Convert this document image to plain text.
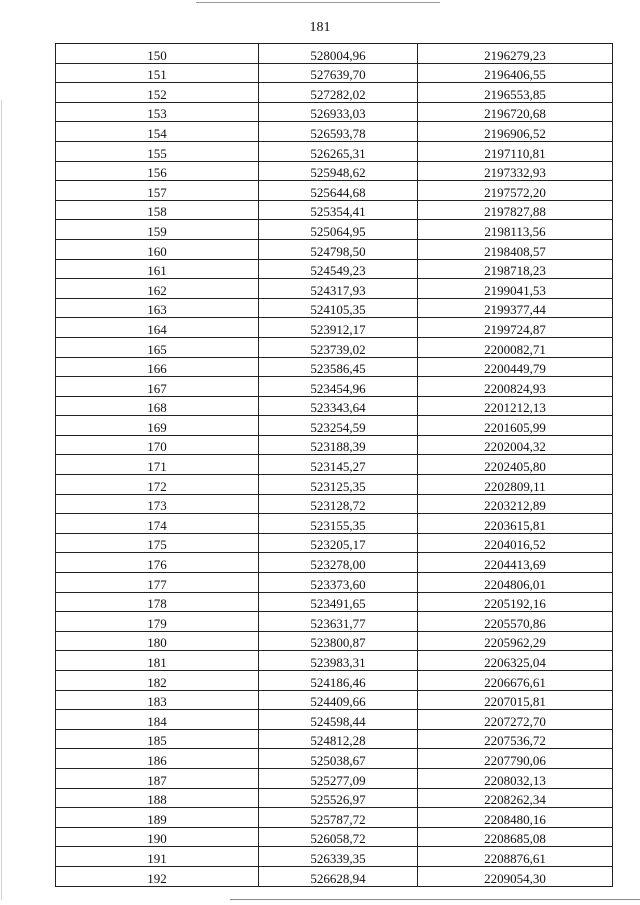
181
150	528004,96	2196279,23
151	527639,70	2196406,55
152	527282,02	2196553,85
153	526933,03	2196720,68
154	526593,78	2196906,52
155	526265,31	2197110,81
156	525948,62	2197332,93
157	525644,68	2197572,20
158	525354,41	2197827,88
159	525064,95	2198113,56
160	524798,50	2198408,57
161	524549,23	2198718,23
162	524317,93	2199041,53
163	524105,35	2199377,44
164	523912,17	2199724,87
165	523739,02	2200082,71
166	523586,45	2200449,79
167	523454,96	2200824,93
168	523343,64	2201212,13
169	523254,59	2201605,99
170	523188,39	2202004,32
171	523145,27	2202405,80
172	523125,35	2202809,11
173	523128,72	2203212,89
174	523155,35	2203615,81
175	523205,17	2204016,52
176	523278,00	2204413,69
177	523373,60	2204806,01
178	523491,65	2205192,16
179	523631,77	2205570,86
180	523800,87	2205962,29
181	523983,31	2206325,04
182	524186,46	2206676,61
183	524409,66	2207015,81
184	524598,44	2207272,70
185	524812,28	2207536,72
186	525038,67	2207790,06
187	525277,09	2208032,13
188	525526,97	2208262,34
189	525787,72	2208480,16
190	526058,72	2208685,08
191	526339,35	2208876,61
192	526628,94	2209054,30
